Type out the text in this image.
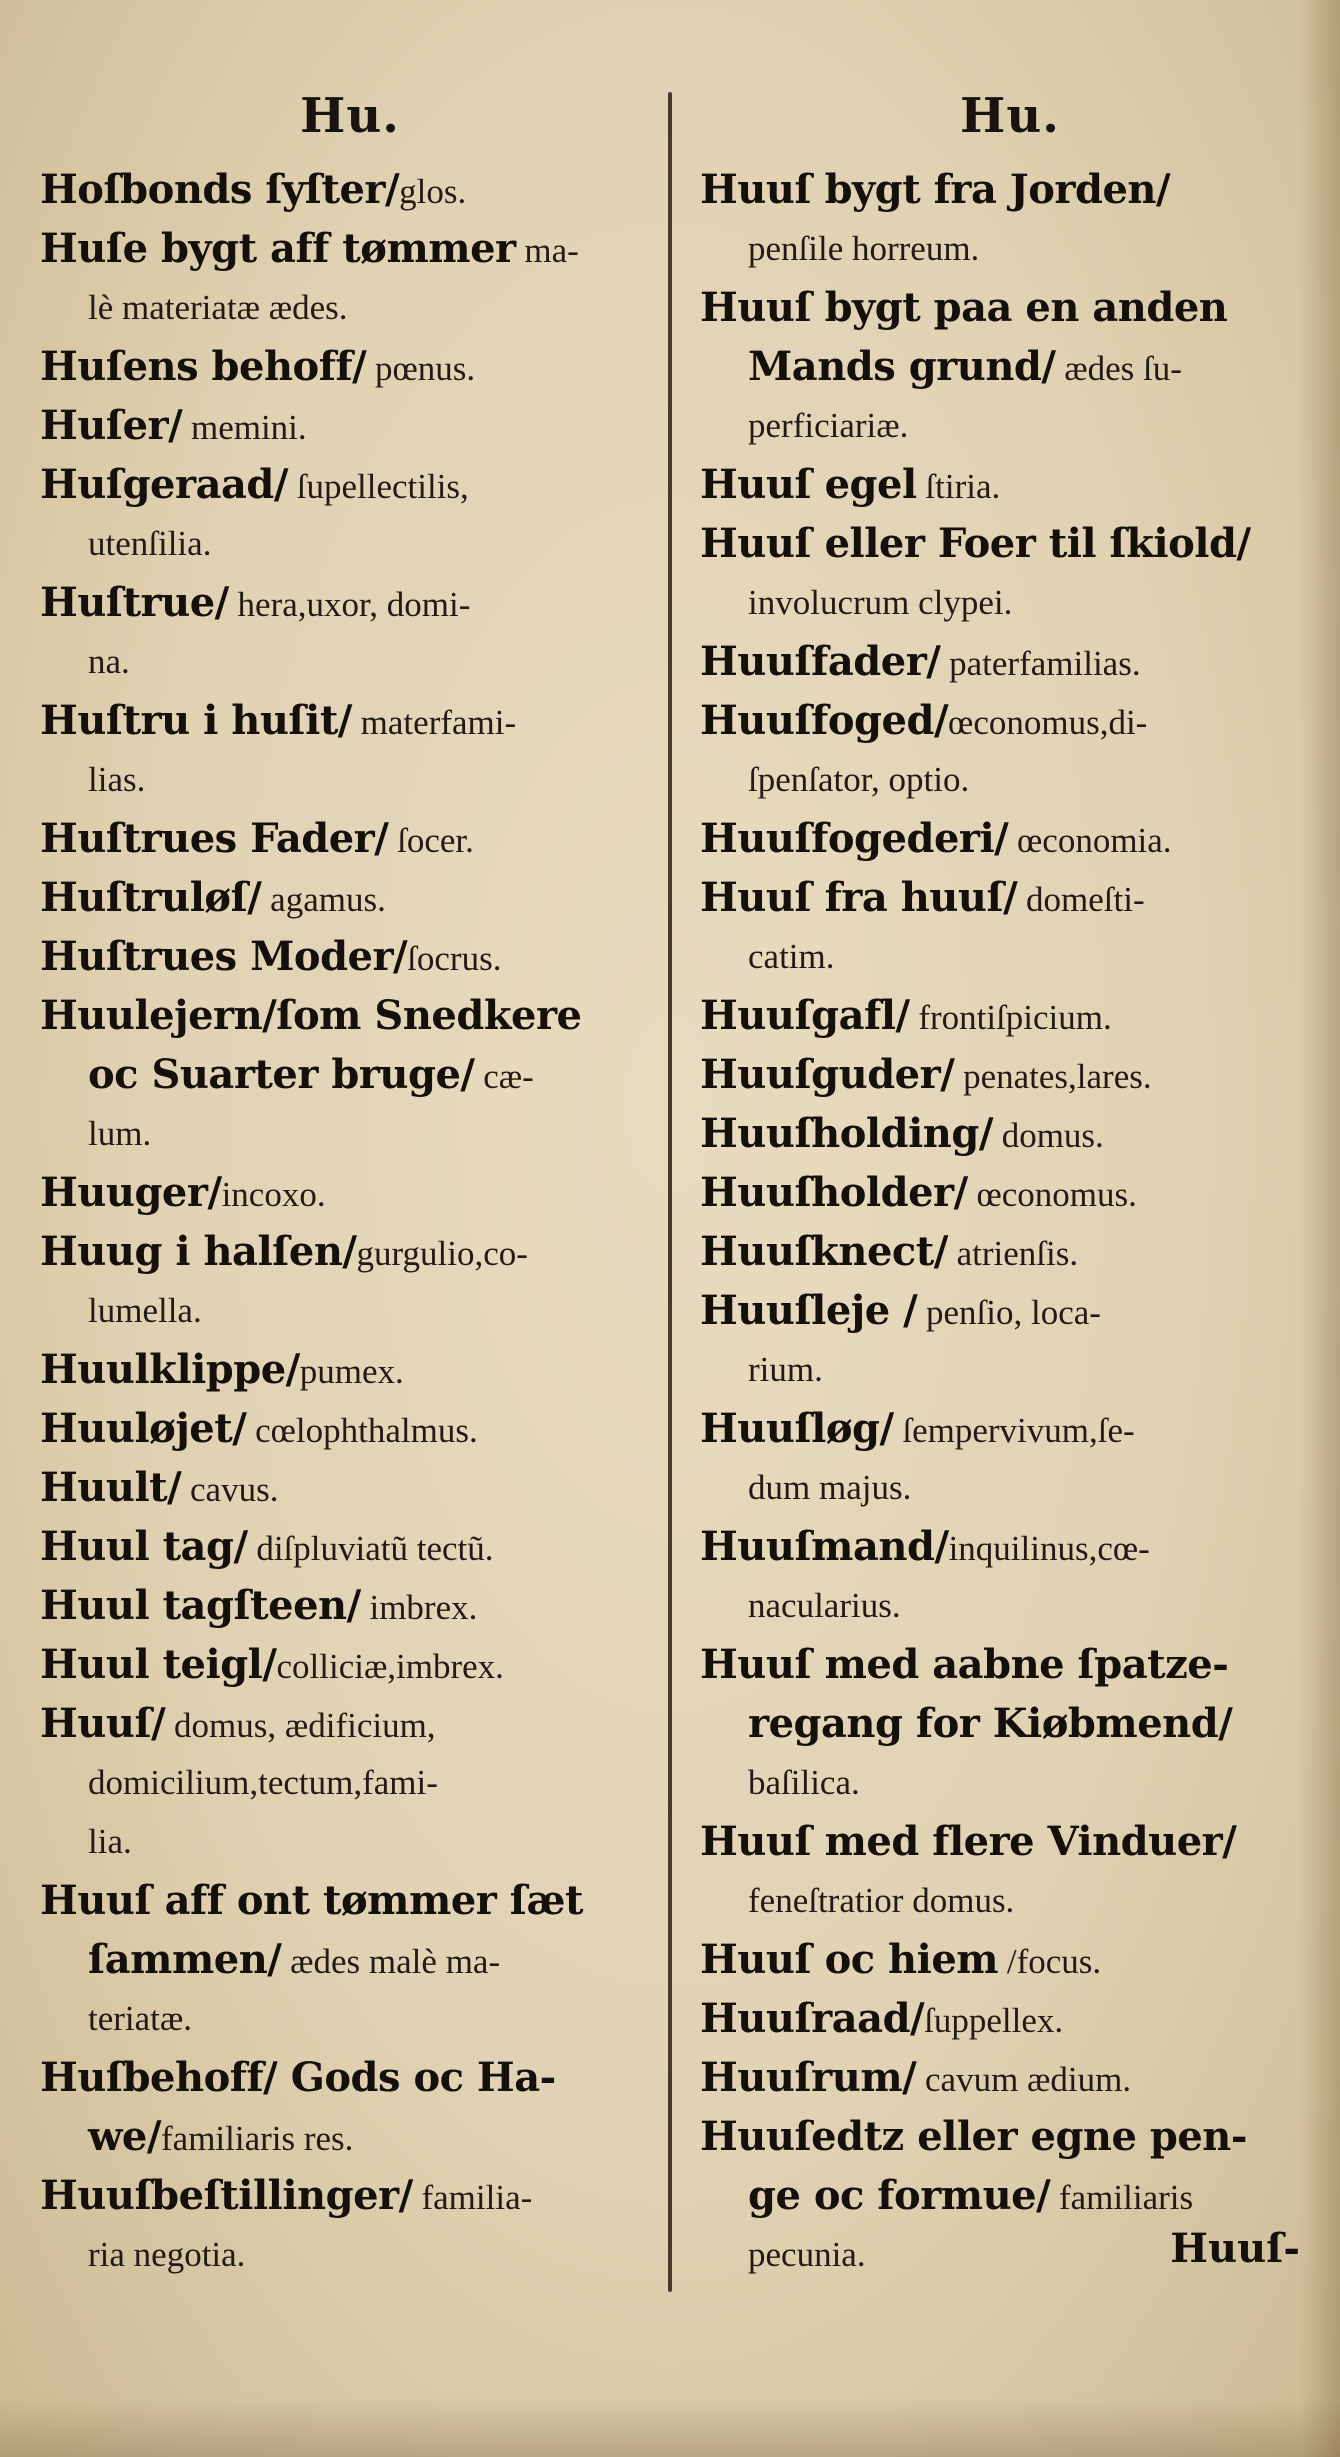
Hu.
Hoſbonds ſyſter/glos.
Huſe bygt aff tømmer ma-
lè materiatæ ædes.
Huſens behoff/ pœnus.
Huſer/ memini.
Huſgeraad/ ſupellectilis,
utenſilia.
Huſtrue/ hera,uxor, domi-
na.
Huſtru i huſit/ materfami-
lias.
Huſtrues Fader/ ſocer.
Huſtruløſ/ agamus.
Huſtrues Moder/ſocrus.
Huulejern/ſom Snedkere
oc Suarter bruge/ cæ-
lum.
Huuger/incoxo.
Huug i halſen/gurgulio,co-
lumella.
Huulklippe/pumex.
Huuløjet/ cœlophthalmus.
Huult/ cavus.
Huul tag/ diſpluviatũ tectũ.
Huul tagſteen/ imbrex.
Huul teigl/colliciæ,imbrex.
Huuſ/ domus, ædificium,
domicilium,tectum,fami-
lia.
Huuſ aff ont tømmer ſæt
ſammen/ ædes malè ma-
teriatæ.
Huſbehoff/ Gods oc Ha-
we/familiaris res.
Huuſbeſtillinger/ familia-
ria negotia.
Hu.
Huuſ bygt fra Jorden/
penſile horreum.
Huuſ bygt paa en anden
Mands grund/ ædes ſu-
perficiariæ.
Huuſ egel ſtiria.
Huuſ eller Foer til ſkiold/
involucrum clypei.
Huuſfader/ paterfamilias.
Huuſfoged/œconomus,di-
ſpenſator, optio.
Huuſfogederi/ œconomia.
Huuſ fra huuſ/ domeſti-
catim.
Huuſgafl/ frontiſpicium.
Huuſguder/ penates,lares.
Huuſholding/ domus.
Huuſholder/ œconomus.
Huuſknect/ atrienſis.
Huuſleje / penſio, loca-
rium.
Huuſløg/ ſempervivum,ſe-
dum majus.
Huuſmand/inquilinus,cœ-
nacularius.
Huuſ med aabne ſpatze-
regang for Kiøbmend/
baſilica.
Huuſ med flere Vinduer/
feneſtratior domus.
Huuſ oc hiem /focus.
Huuſraad/ſuppellex.
Huuſrum/ cavum ædium.
Huuſedtz eller egne pen-
ge oc formue/ familiaris
pecunia.	Huuſ-
